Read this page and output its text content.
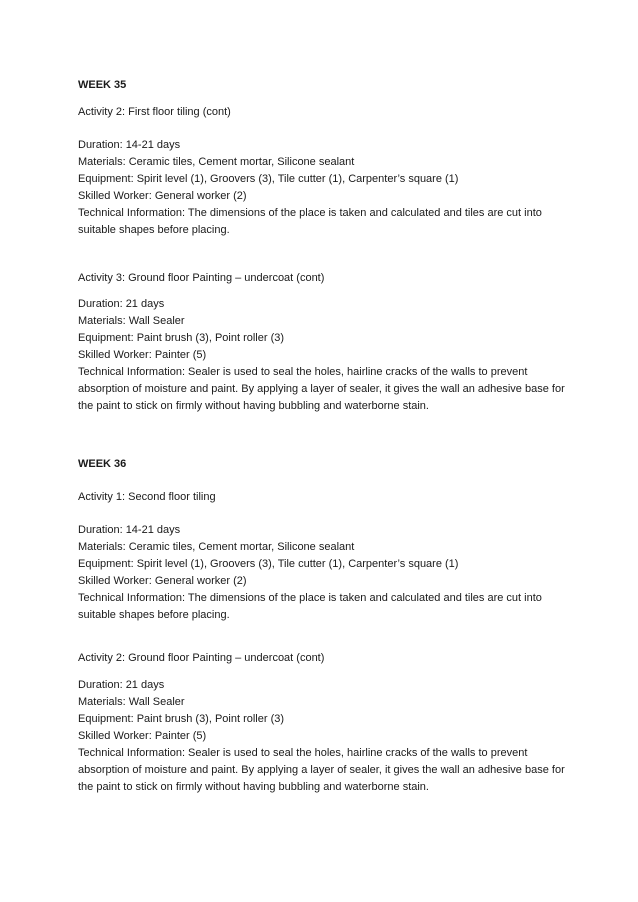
WEEK 35

Activity 2: First floor tiling (cont)

Duration: 14-21 days
Materials: Ceramic tiles, Cement mortar, Silicone sealant
Equipment: Spirit level (1), Groovers (3), Tile cutter (1), Carpenter’s square (1)
Skilled Worker: General worker (2)
Technical Information: The dimensions of the place is taken and calculated and tiles are cut into
suitable shapes before placing.

Activity 3: Ground floor Painting – undercoat (cont)

Duration: 21 days
Materials: Wall Sealer
Equipment: Paint brush (3), Point roller (3)
Skilled Worker: Painter (5)
Technical Information: Sealer is used to seal the holes, hairline cracks of the walls to prevent
absorption of moisture and paint. By applying a layer of sealer, it gives the wall an adhesive base for
the paint to stick on firmly without having bubbling and waterborne stain.

WEEK 36

Activity 1: Second floor tiling

Duration: 14-21 days
Materials: Ceramic tiles, Cement mortar, Silicone sealant
Equipment: Spirit level (1), Groovers (3), Tile cutter (1), Carpenter’s square (1)
Skilled Worker: General worker (2)
Technical Information: The dimensions of the place is taken and calculated and tiles are cut into
suitable shapes before placing.

Activity 2: Ground floor Painting – undercoat (cont)

Duration: 21 days
Materials: Wall Sealer
Equipment: Paint brush (3), Point roller (3)
Skilled Worker: Painter (5)
Technical Information: Sealer is used to seal the holes, hairline cracks of the walls to prevent
absorption of moisture and paint. By applying a layer of sealer, it gives the wall an adhesive base for
the paint to stick on firmly without having bubbling and waterborne stain.
